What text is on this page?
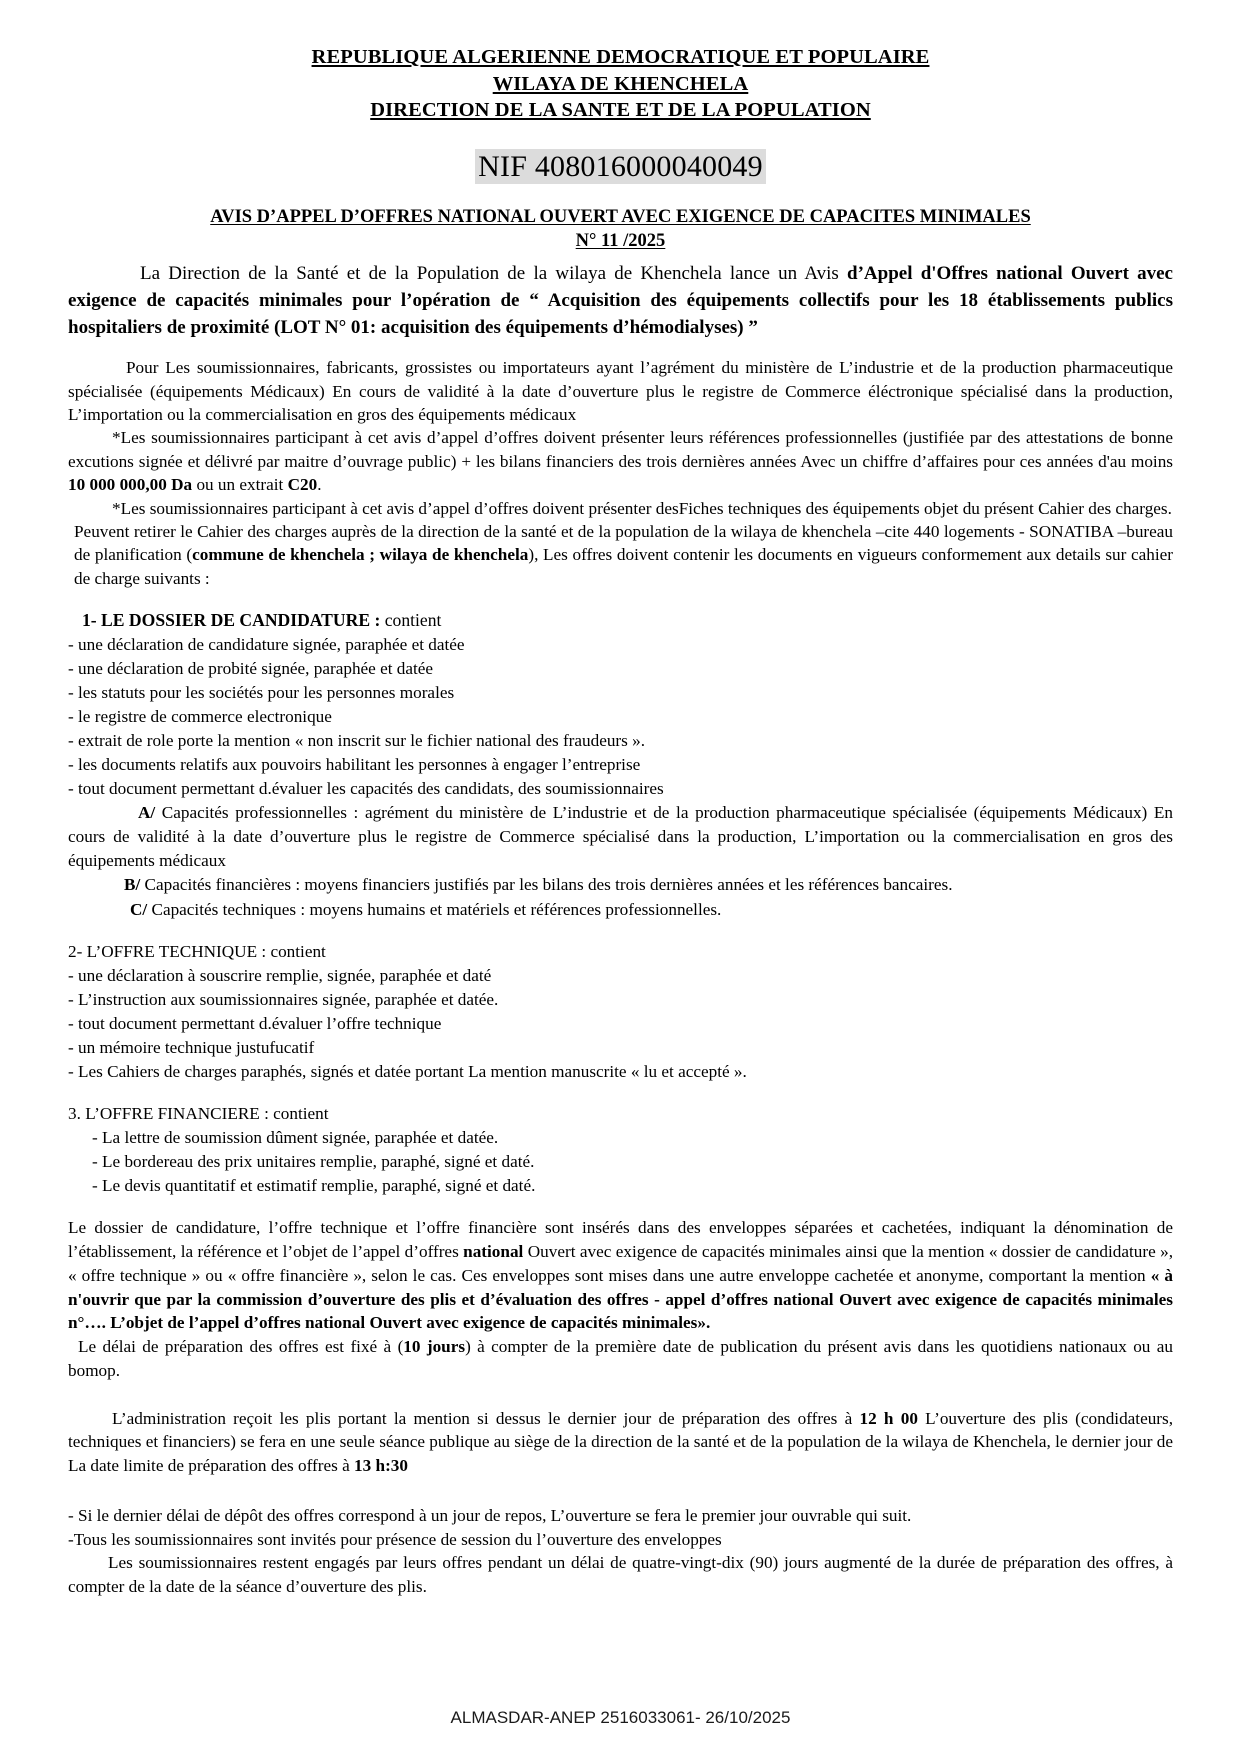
REPUBLIQUE ALGERIENNE DEMOCRATIQUE ET POPULAIRE
WILAYA DE KHENCHELA
DIRECTION DE LA SANTE ET DE LA POPULATION
NIF 408016000040049
AVIS D’APPEL D’OFFRES NATIONAL OUVERT AVEC EXIGENCE DE CAPACITES MINIMALES
N° 11 /2025
La Direction de la Santé et de la Population de la wilaya de Khenchela lance un Avis d’Appel d'Offres national Ouvert avec exigence de capacités minimales pour l’opération de “ Acquisition des équipements collectifs pour les 18 établissements publics hospitaliers de proximité (LOT N° 01: acquisition des équipements d’hémodialyses) ”

Pour Les soumissionnaires, fabricants, grossistes ou importateurs ayant l’agrément du ministère de L’industrie et de la production pharmaceutique spécialisée (équipements Médicaux) En cours de validité à la date d’ouverture plus le registre de Commerce éléctronique spécialisé dans la production, L’importation ou la commercialisation en gros des équipements médicaux

*Les soumissionnaires participant à cet avis d’appel d’offres doivent présenter leurs références professionnelles (justifiée par des attestations de bonne excutions signée et délivré par maitre d’ouvrage public) + les bilans financiers des trois dernières années Avec un chiffre d’affaires pour ces années d'au moins 10 000 000,00 Da ou un extrait C20.

*Les soumissionnaires participant à cet avis d’appel d’offres doivent présenter desFiches techniques des équipements objet du présent Cahier des charges.

Peuvent retirer le Cahier des charges auprès de la direction de la santé et de la population de la wilaya de khenchela –cite 440 logements - SONATIBA –bureau de planification (commune de khenchela ; wilaya de khenchela), Les offres doivent contenir les documents en vigueurs conformement aux details sur cahier de charge suivants :

1- LE DOSSIER DE CANDIDATURE : contient
- une déclaration de candidature signée, paraphée et datée
- une déclaration de probité signée, paraphée et datée
- les statuts pour les sociétés pour les personnes morales
- le registre de commerce electronique
- extrait de role porte la mention « non inscrit sur le fichier national des fraudeurs ».
- les documents relatifs aux pouvoirs habilitant les personnes à engager l’entreprise
- tout document permettant d.évaluer les capacités des candidats, des soumissionnaires
A/ Capacités professionnelles : agrément du ministère de L’industrie et de la production pharmaceutique spécialisée (équipements Médicaux) En cours de validité à la date d’ouverture plus le registre de Commerce spécialisé dans la production, L’importation ou la commercialisation en gros des équipements médicaux
B/ Capacités financières : moyens financiers justifiés par les bilans des trois dernières années et les références bancaires.
C/ Capacités techniques : moyens humains et matériels et références professionnelles.
2- L’OFFRE TECHNIQUE : contient
- une déclaration à souscrire remplie, signée, paraphée et daté
- L’instruction aux soumissionnaires signée, paraphée et datée.
- tout document permettant d.évaluer l’offre technique
- un mémoire technique justufucatif
- Les Cahiers de charges paraphés, signés et datée portant La mention manuscrite « lu et accepté ».
3. L’OFFRE FINANCIERE : contient
- La lettre de soumission dûment signée, paraphée et datée.
- Le bordereau des prix unitaires remplie, paraphé, signé et daté.
- Le devis quantitatif et estimatif remplie, paraphé, signé et daté.
Le dossier de candidature, l’offre technique et l’offre financière sont insérés dans des enveloppes séparées et cachetées, indiquant la dénomination de l’établissement, la référence et l’objet de l’appel d’offres national Ouvert avec exigence de capacités minimales ainsi que la mention « dossier de candidature », « offre technique » ou « offre financière », selon le cas. Ces enveloppes sont mises dans une autre enveloppe cachetée et anonyme, comportant la mention « à n'ouvrir que par la commission d’ouverture des plis et d’évaluation des offres - appel d’offres national Ouvert avec exigence de capacités minimales n°…. L’objet de l’appel d’offres national Ouvert avec exigence de capacités minimales».
Le délai de préparation des offres est fixé à (10 jours) à compter de la première date de publication du présent avis dans les quotidiens nationaux ou au bomop.
L’administration reçoit les plis portant la mention si dessus le dernier jour de préparation des offres à 12 h 00 L’ouverture des plis (condidateurs, techniques et financiers) se fera en une seule séance publique au siège de la direction de la santé et de la population de la wilaya de Khenchela, le dernier jour de La date limite de préparation des offres à 13 h:30
- Si le dernier délai de dépôt des offres correspond à un jour de repos, L’ouverture se fera le premier jour ouvrable qui suit.
-Tous les soumissionnaires sont invités pour présence de session du l’ouverture des enveloppes
Les soumissionnaires restent engagés par leurs offres pendant un délai de quatre-vingt-dix (90) jours augmenté de la durée de préparation des offres, à compter de la date de la séance d’ouverture des plis.
ALMASDAR-ANEP 2516033061- 26/10/2025
